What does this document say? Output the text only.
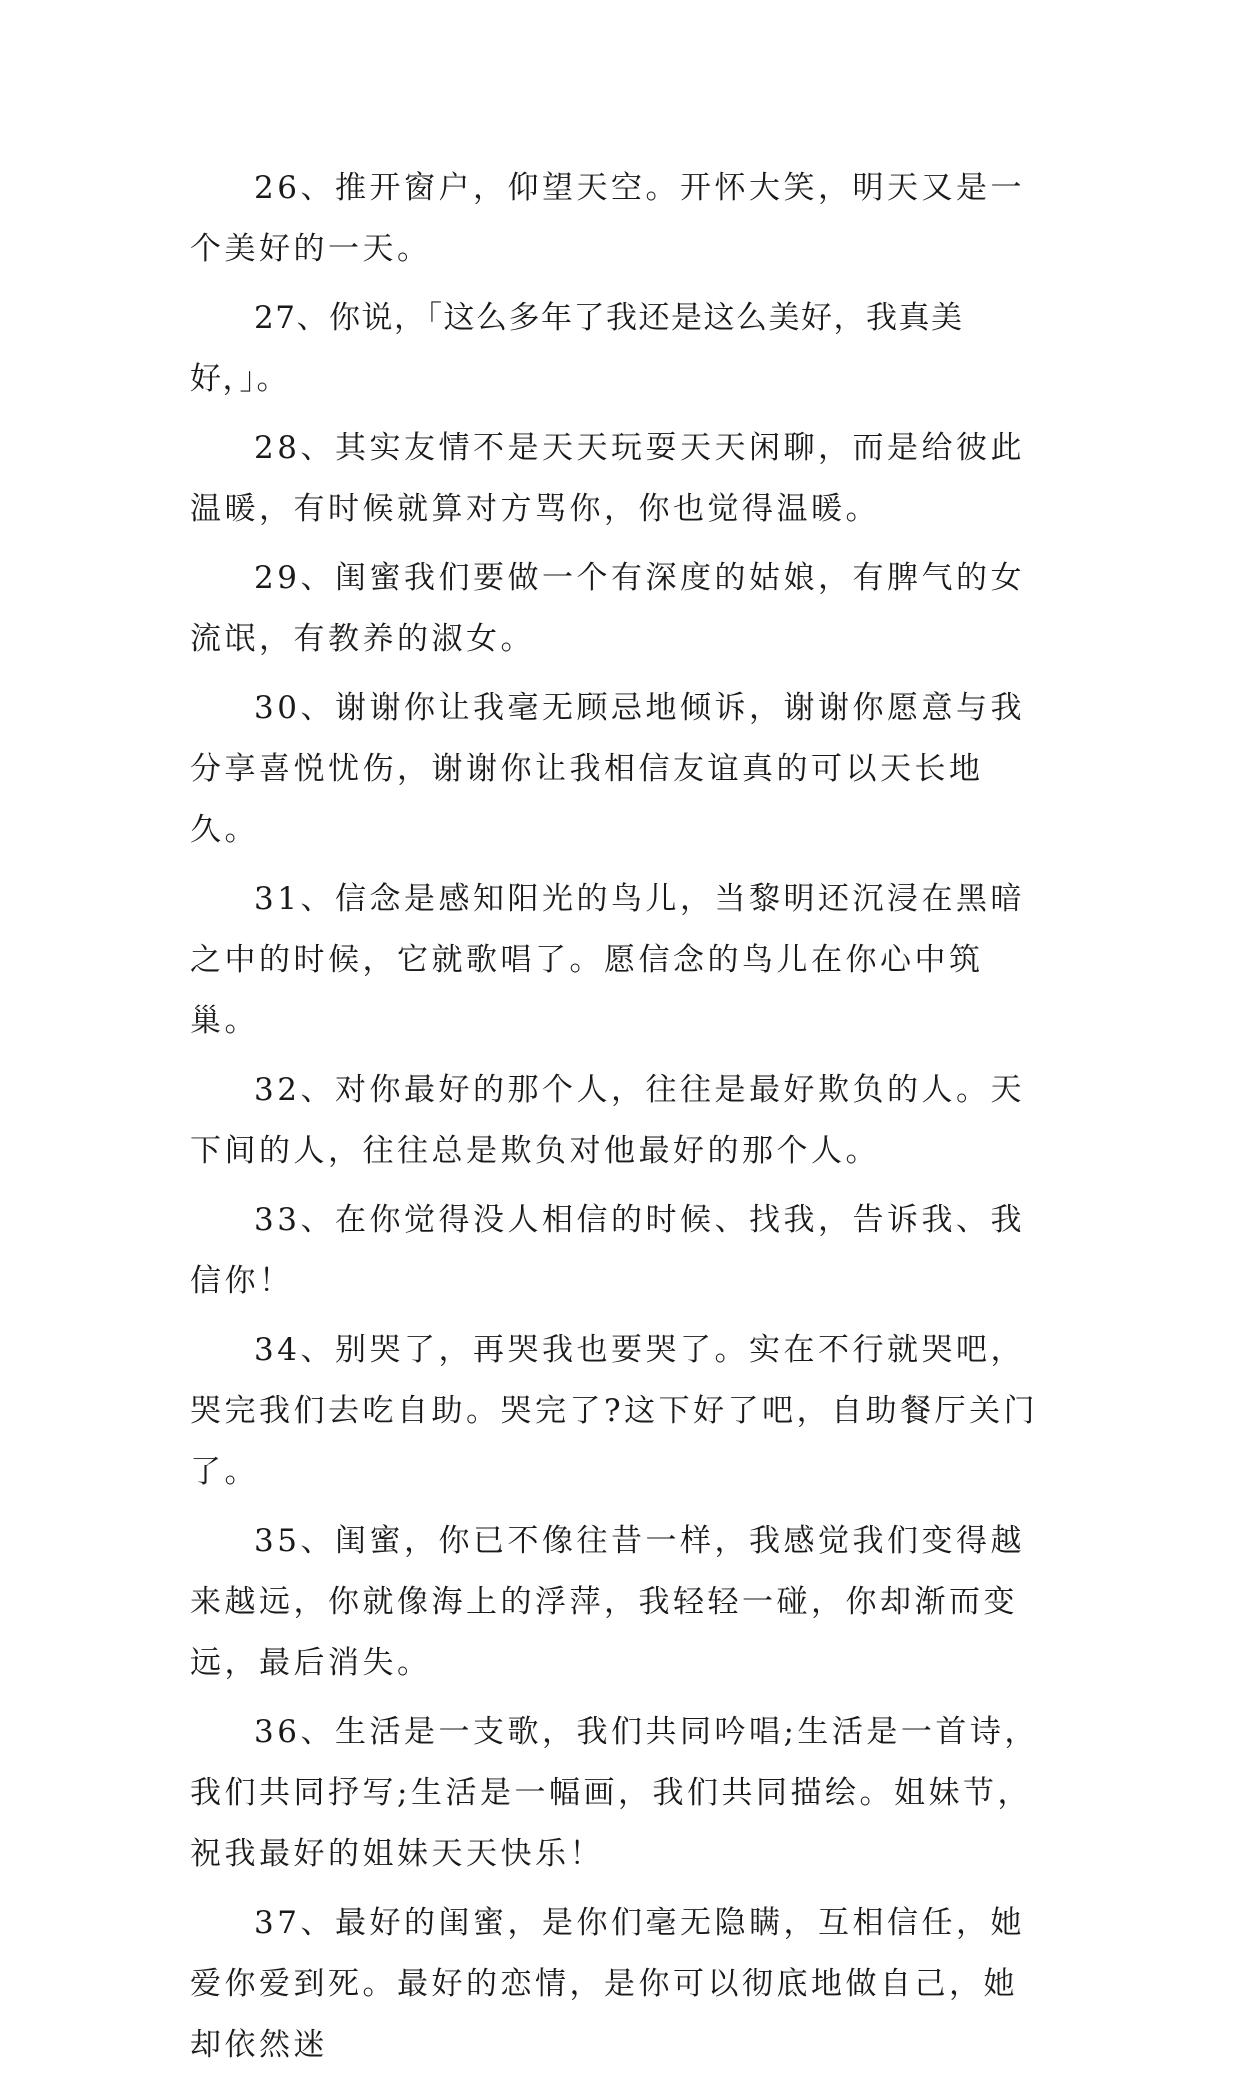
26、推开窗户，仰望天空。开怀大笑，明天又是一个美好的一天。

27、你说，「这么多年了我还是这么美好，我真美好，」。

28、其实友情不是天天玩耍天天闲聊，而是给彼此温暖，有时候就算对方骂你，你也觉得温暖。

29、闺蜜我们要做一个有深度的姑娘，有脾气的女流氓，有教养的淑女。

30、谢谢你让我毫无顾忌地倾诉，谢谢你愿意与我分享喜悦忧伤，谢谢你让我相信友谊真的可以天长地久。

31、信念是感知阳光的鸟儿，当黎明还沉浸在黑暗之中的时候，它就歌唱了。愿信念的鸟儿在你心中筑巢。

32、对你最好的那个人，往往是最好欺负的人。天下间的人，往往总是欺负对他最好的那个人。

33、在你觉得没人相信的时候、找我，告诉我、我信你！

34、别哭了，再哭我也要哭了。实在不行就哭吧，哭完我们去吃自助。哭完了?这下好了吧，自助餐厅关门了。

35、闺蜜，你已不像往昔一样，我感觉我们变得越来越远，你就像海上的浮萍，我轻轻一碰，你却渐而变远，最后消失。

36、生活是一支歌，我们共同吟唱;生活是一首诗，我们共同抒写;生活是一幅画，我们共同描绘。姐妹节，祝我最好的姐妹天天快乐！

37、最好的闺蜜，是你们毫无隐瞒，互相信任，她爱你爱到死。最好的恋情，是你可以彻底地做自己，她却依然迷
